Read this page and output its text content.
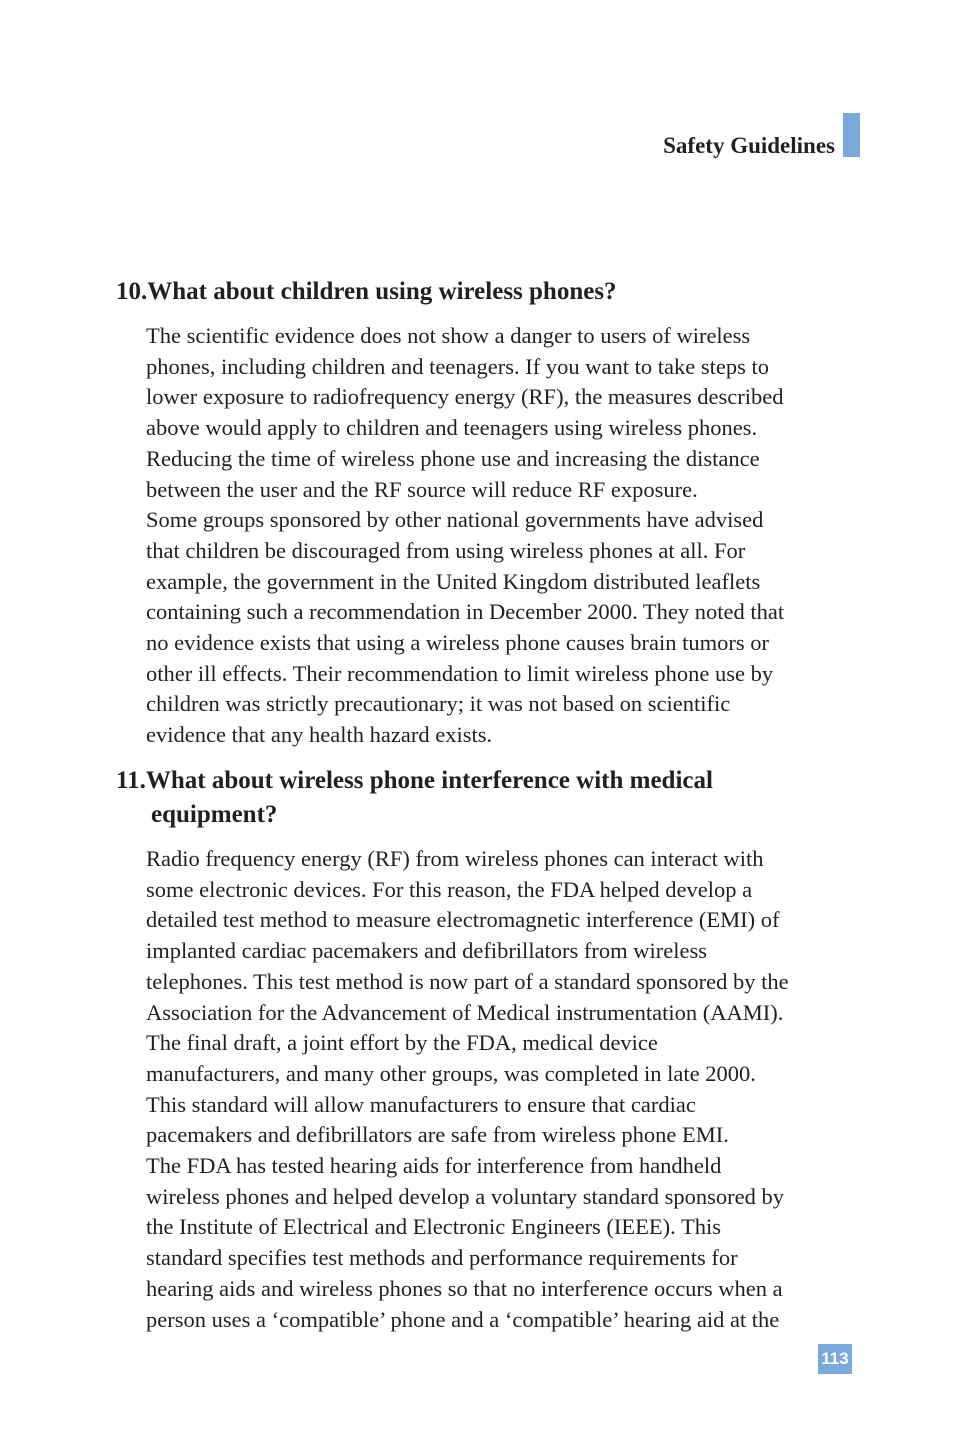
Safety Guidelines
10.What about children using wireless phones?
The scientific evidence does not show a danger to users of wireless
phones, including children and teenagers. If you want to take steps to
lower exposure to radiofrequency energy (RF), the measures described
above would apply to children and teenagers using wireless phones.
Reducing the time of wireless phone use and increasing the distance
between the user and the RF source will reduce RF exposure.
Some groups sponsored by other national governments have advised
that children be discouraged from using wireless phones at all. For
example, the government in the United Kingdom distributed leaflets
containing such a recommendation in December 2000. They noted that
no evidence exists that using a wireless phone causes brain tumors or
other ill effects. Their recommendation to limit wireless phone use by
children was strictly precautionary; it was not based on scientific
evidence that any health hazard exists.
11.What about wireless phone interference with medical
equipment?
Radio frequency energy (RF) from wireless phones can interact with
some electronic devices. For this reason, the FDA helped develop a
detailed test method to measure electromagnetic interference (EMI) of
implanted cardiac pacemakers and defibrillators from wireless
telephones. This test method is now part of a standard sponsored by the
Association for the Advancement of Medical instrumentation (AAMI).
The final draft, a joint effort by the FDA, medical device
manufacturers, and many other groups, was completed in late 2000.
This standard will allow manufacturers to ensure that cardiac
pacemakers and defibrillators are safe from wireless phone EMI.
The FDA has tested hearing aids for interference from handheld
wireless phones and helped develop a voluntary standard sponsored by
the Institute of Electrical and Electronic Engineers (IEEE). This
standard specifies test methods and performance requirements for
hearing aids and wireless phones so that no interference occurs when a
person uses a ‘compatible’ phone and a ‘compatible’ hearing aid at the
113
